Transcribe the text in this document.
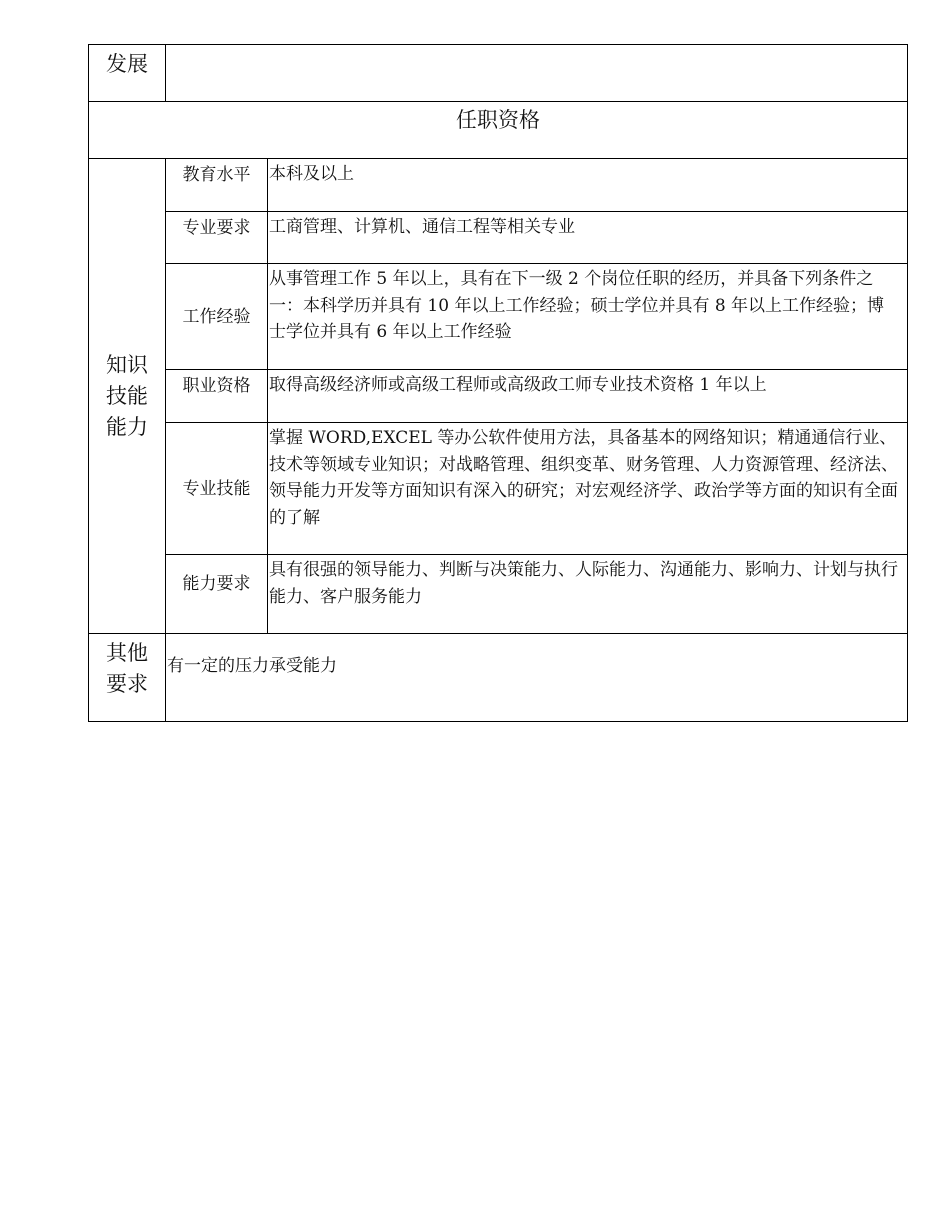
发展		
任职资格		

知识
技能
能力	教育水平	本科及以上
	专业要求	工商管理、计算机、通信工程等相关专业
	工作经验	从事管理工作 5 年以上，具有在下一级 2 个岗位任职的经历，并具备下列条件之一：本科学历并具有 10 年以上工作经验；硕士学位并具有 8 年以上工作经验；博士学位并具有 6 年以上工作经验
	职业资格	取得高级经济师或高级工程师或高级政工师专业技术资格 1 年以上
	专业技能	掌握 WORD,EXCEL 等办公软件使用方法，具备基本的网络知识；精通通信行业、技术等领域专业知识；对战略管理、组织变革、财务管理、人力资源管理、经济法、领导能力开发等方面知识有深入的研究；对宏观经济学、政治学等方面的知识有全面的了解
	能力要求	具有很强的领导能力、判断与决策能力、人际能力、沟通能力、影响力、计划与执行能力、客户服务能力

其他
要求	有一定的压力承受能力	
